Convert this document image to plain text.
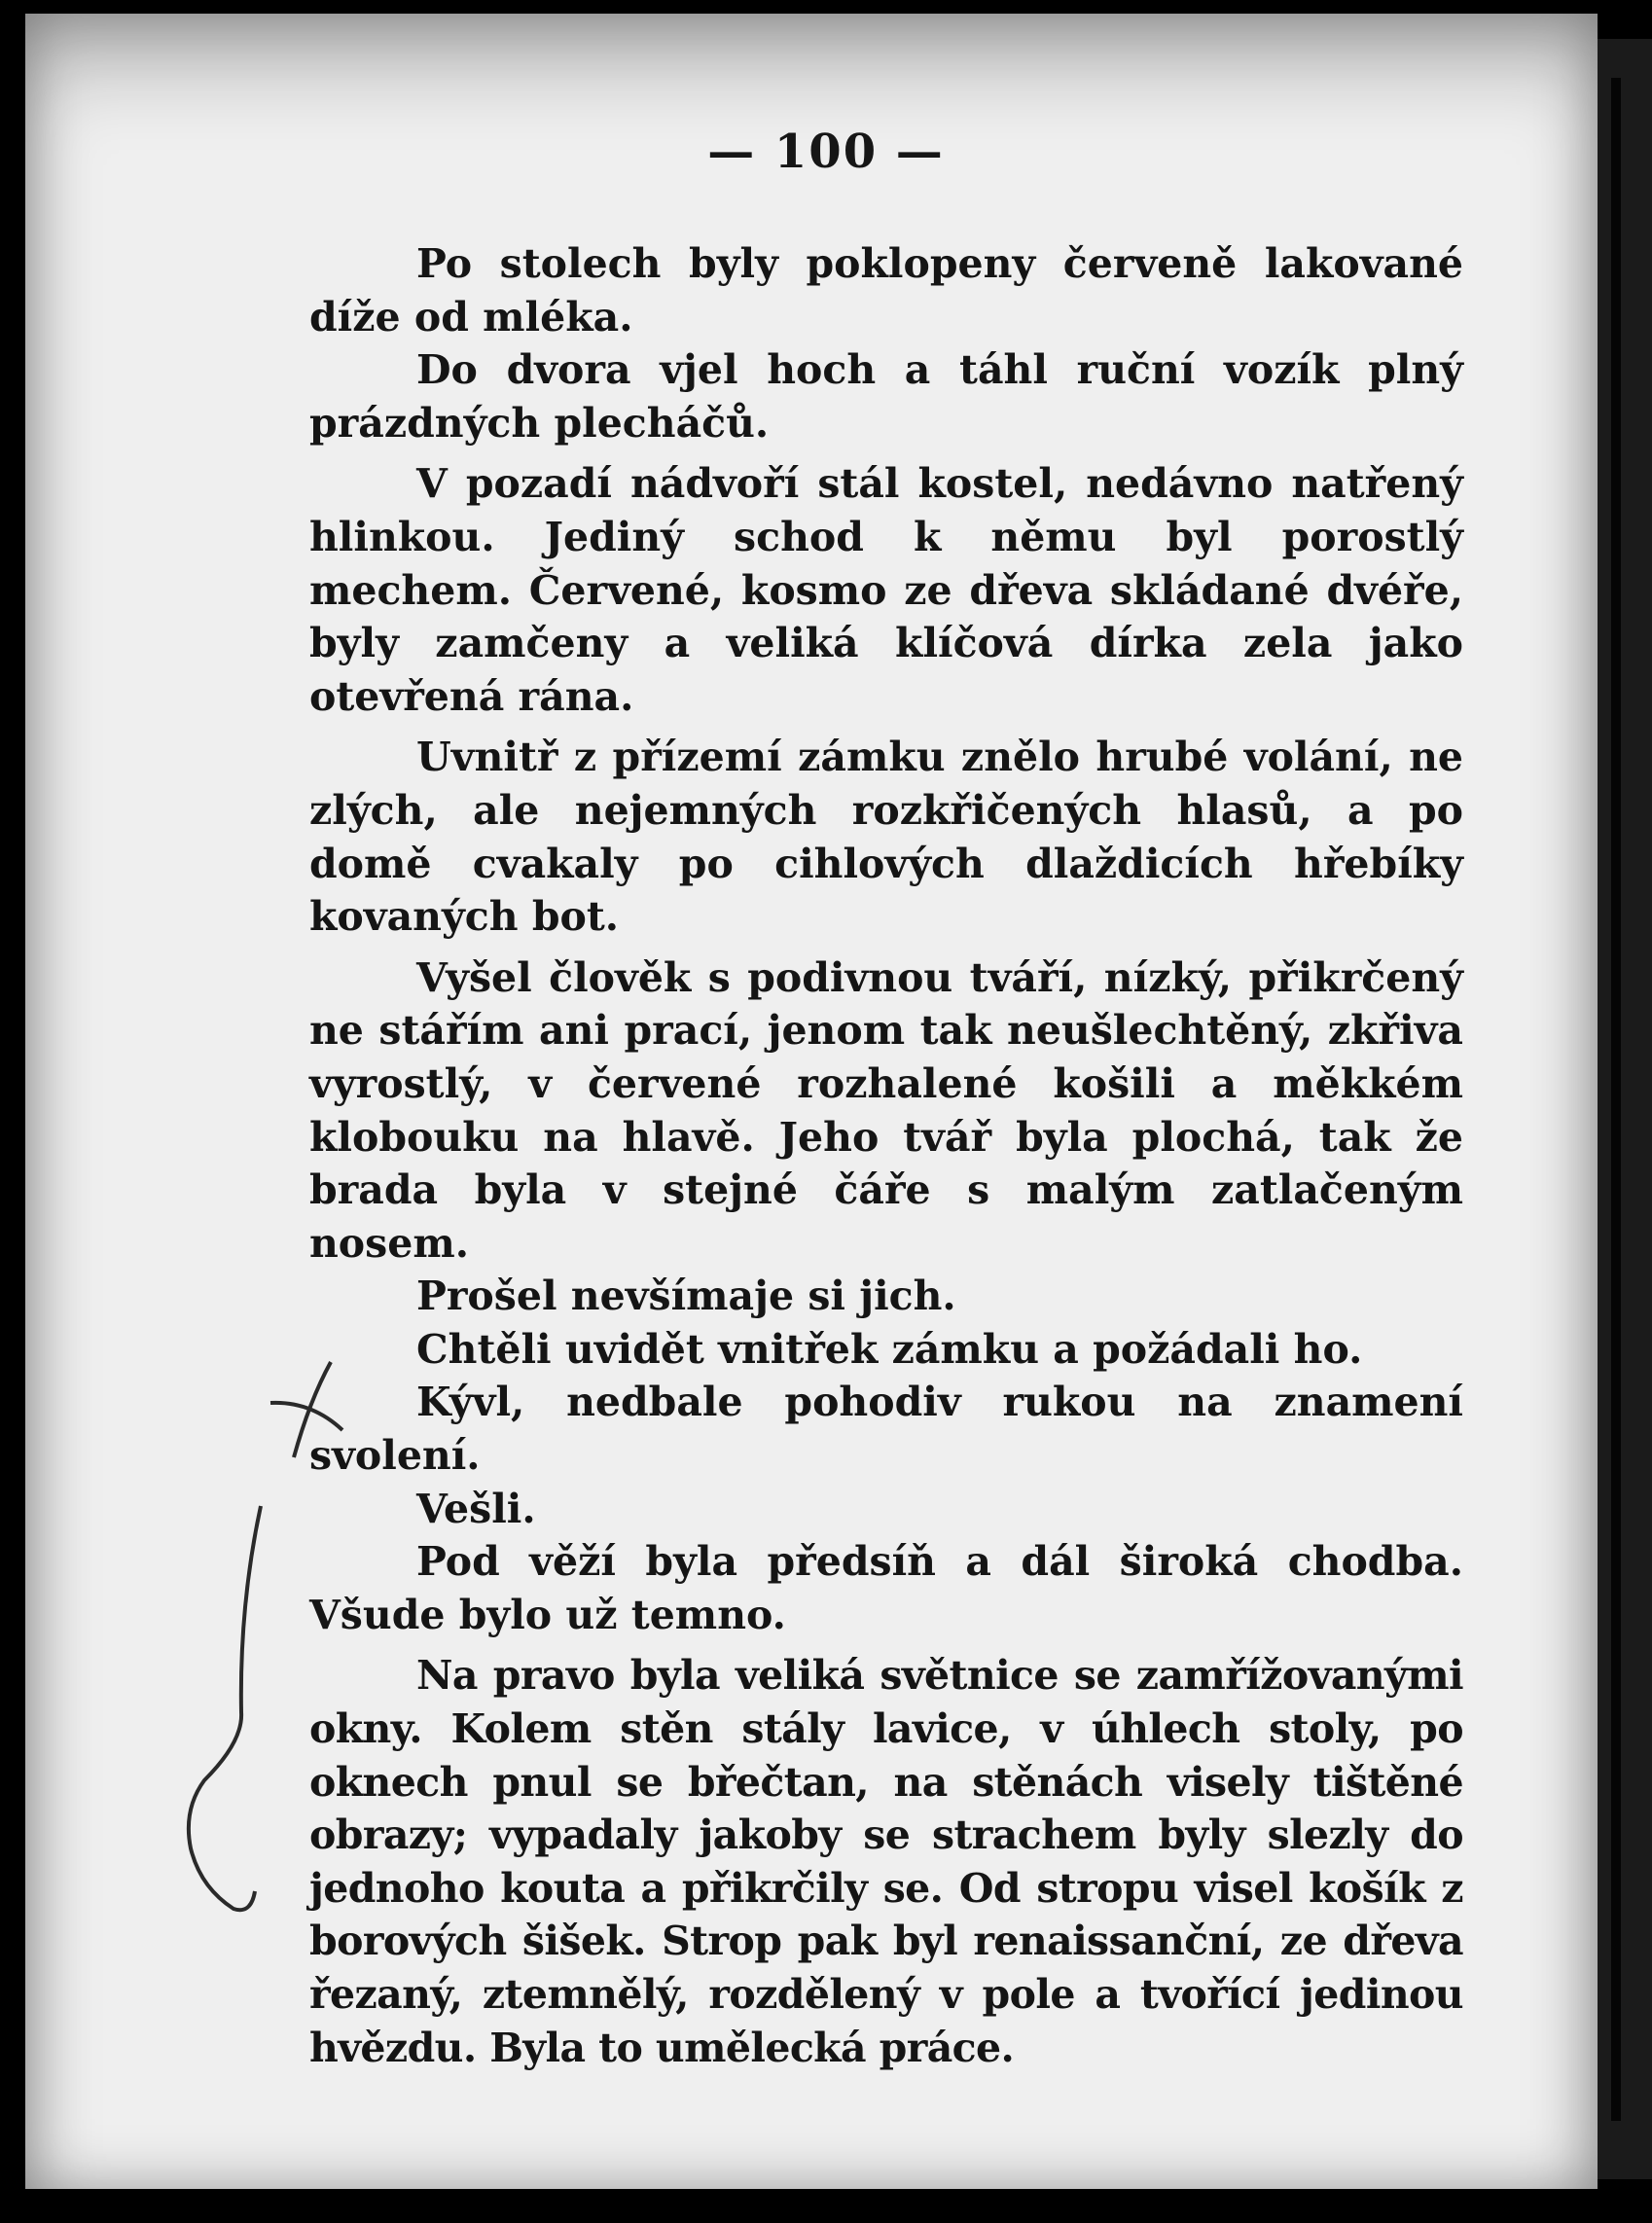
— 100 —

Po stolech byly poklopeny červeně lakované díže od mléka.

Do dvora vjel hoch a táhl ruční vozík plný prázdných plecháčů.

V pozadí nádvoří stál kostel, nedávno natřený hlinkou. Jediný schod k němu byl porostlý mechem. Červené, kosmo ze dřeva skládané dvéře, byly zamčeny a veliká klíčová dírka zela jako otevřená rána.

Uvnitř z přízemí zámku znělo hrubé volání, ne zlých, ale nejemných rozkřičených hlasů, a po domě cvakaly po cihlových dlaždicích hřebíky kovaných bot.

Vyšel člověk s podivnou tváří, nízký, přikrčený ne stářím ani prací, jenom tak neušlechtěný, zkřiva vyrostlý, v červené rozhalené košili a měkkém klobouku na hlavě. Jeho tvář byla plochá, tak že brada byla v stejné čáře s malým zatlačeným nosem.

Prošel nevšímaje si jich.

Chtěli uvidět vnitřek zámku a požádali ho.

Kývl, nedbale pohodiv rukou na znamení svolení.

Vešli.

Pod věží byla předsíň a dál široká chodba. Všude bylo už temno.

Na pravo byla veliká světnice se zamřížovanými okny. Kolem stěn stály lavice, v úhlech stoly, po oknech pnul se břečtan, na stěnách visely tištěné obrazy; vypadaly jakoby se strachem byly slezly do jednoho kouta a přikrčily se. Od stropu visel košík z borových šišek. Strop pak byl renaissanční, ze dřeva řezaný, ztemnělý, rozdělený v pole a tvořící jedinou hvězdu. Byla to umělecká práce.
